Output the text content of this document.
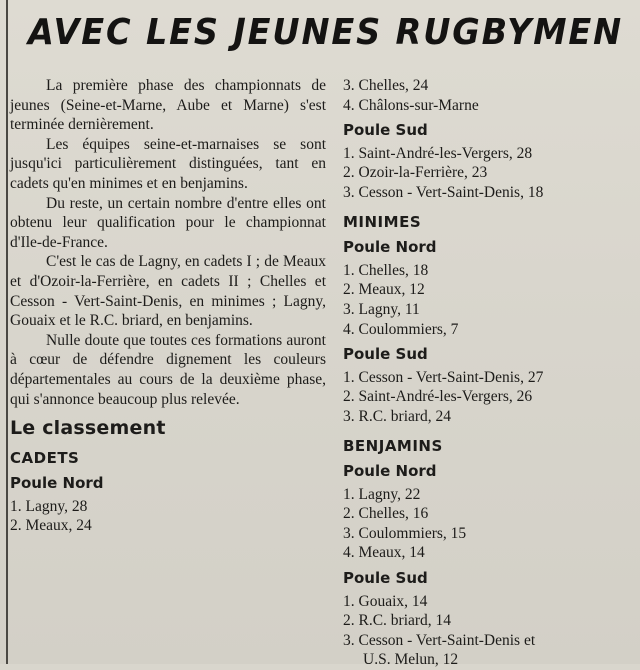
AVEC LES JEUNES RUGBYMEN

La première phase des championnats de jeunes (Seine-et-Marne, Aube et Marne) s'est terminée dernièrement.

Les équipes seine-et-marnaises se sont jusqu'ici particulièrement distinguées, tant en cadets qu'en minimes et en benjamins.

Du reste, un certain nombre d'entre elles ont obtenu leur qualification pour le championnat d'Ile-de-France.

C'est le cas de Lagny, en cadets I ; de Meaux et d'Ozoir-la-Ferrière, en cadets II ; Chelles et Cesson - Vert-Saint-Denis, en minimes ; Lagny, Gouaix et le R.C. briard, en benjamins.

Nulle doute que toutes ces formations auront à cœur de défendre dignement les couleurs départementales au cours de la deuxième phase, qui s'annonce beaucoup plus relevée.

Le classement
CADETS
Poule Nord
1. Lagny, 28
2. Meaux, 24
3. Chelles, 24
4. Châlons-sur-Marne
Poule Sud
1. Saint-André-les-Vergers, 28
2. Ozoir-la-Ferrière, 23
3. Cesson - Vert-Saint-Denis, 18
MINIMES
Poule Nord
1. Chelles, 18
2. Meaux, 12
3. Lagny, 11
4. Coulommiers, 7
Poule Sud
1. Cesson - Vert-Saint-Denis, 27
2. Saint-André-les-Vergers, 26
3. R.C. briard, 24
BENJAMINS
Poule Nord
1. Lagny, 22
2. Chelles, 16
3. Coulommiers, 15
4. Meaux, 14
Poule Sud
1. Gouaix, 14
2. R.C. briard, 14
3. Cesson - Vert-Saint-Denis et
U.S. Melun, 12
